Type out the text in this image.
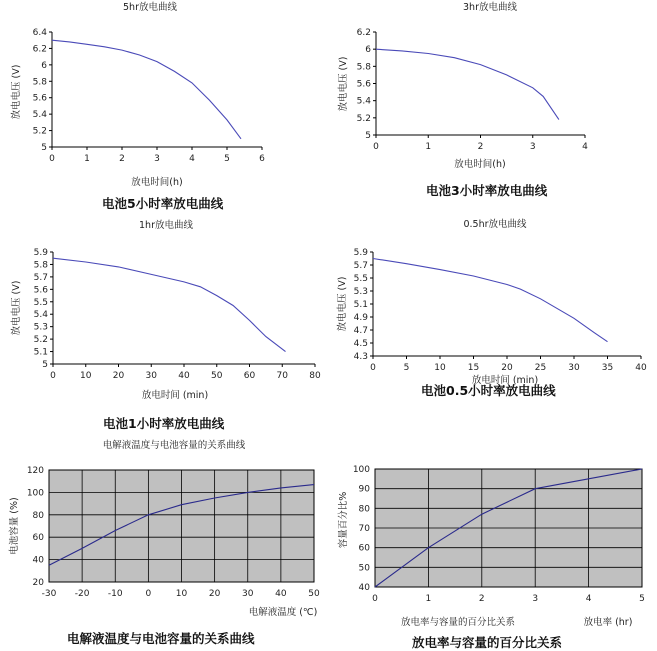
5hr放电曲线
0	1	2	3	4	5	6
5
5.2
5.4
5.6
5.8
6
6.2
6.4
放电时间(h)
放电电压 (V)
电池5小时率放电曲线
3hr放电曲线
0	1	2	3	4
5
5.2
5.4
5.6
5.8
6
6.2
放电时间(h)
放电电压 (V)
电池3小时率放电曲线
1hr放电曲线
0	10 20 30 40 50 60 70 80
5
5.1
5.2
5.3
5.4
5.5
5.6
5.7
5.8
5.9
放电时间 (min)
放电电压 (V)
电池1小时率放电曲线
0.5hr放电曲线
0	5	10 15 20 25 30 35 40
4.3
4.5
4.7
4.9
5.1
5.3
5.5
5.7
5.9
放电时间 (min)
放电电压 (V)
电池0.5小时率放电曲线
电解液温度与电池容量的关系曲线
-30 -20 -10	0	10 20 30 40 50
20
40
60
80
100
120
电解液温度 (℃)
电池容量 (%)
电解液温度与电池容量的关系曲线
0	1	2	3	4	5
40
50
60
70
80
90
100
放电率 (hr)
放电率与容量的百分比关系
容量百分比%
放电率与容量的百分比关系
